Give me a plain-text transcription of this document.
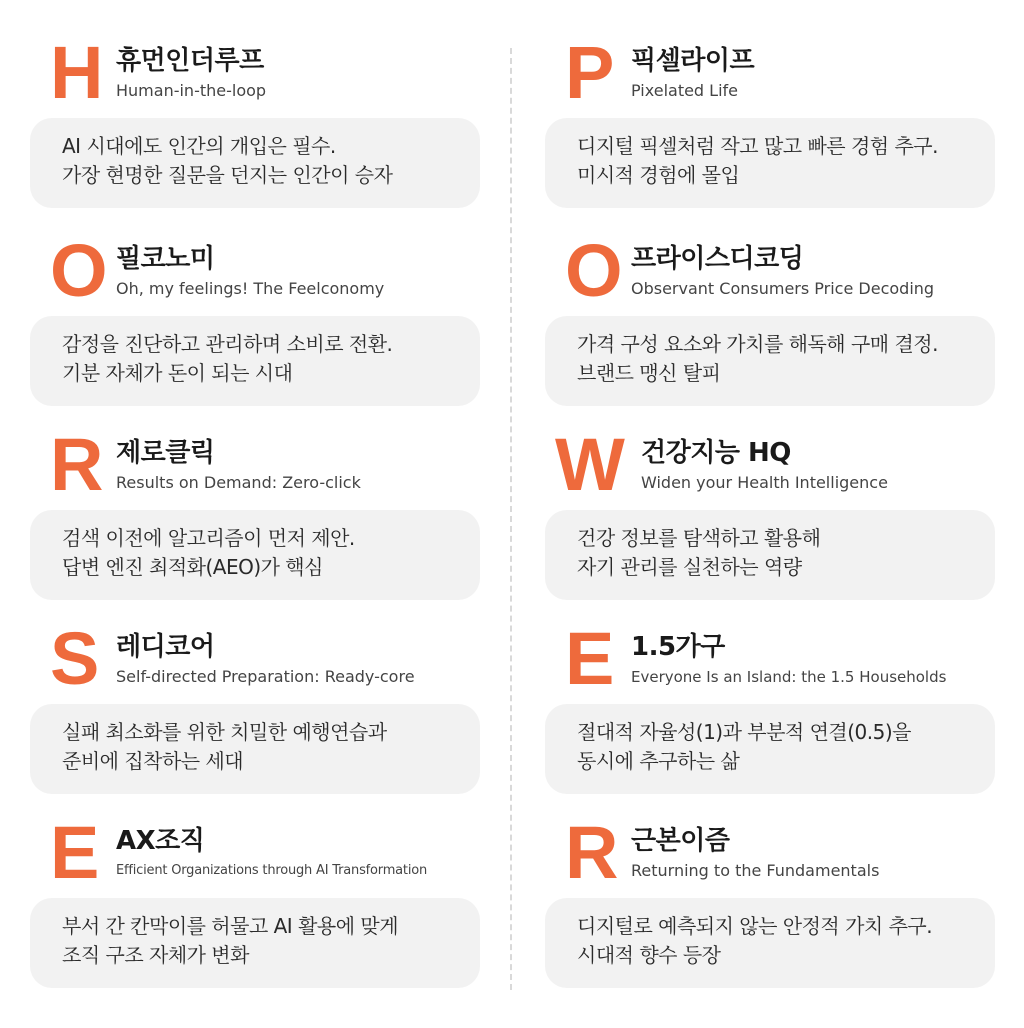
H 휴먼인더루프
Human-in-the-loop
AI 시대에도 인간의 개입은 필수.
가장 현명한 질문을 던지는 인간이 승자
O 필코노미
Oh, my feelings! The Feelconomy
감정을 진단하고 관리하며 소비로 전환.
기분 자체가 돈이 되는 시대
R 제로클릭
Results on Demand: Zero-click
검색 이전에 알고리즘이 먼저 제안.
답변 엔진 최적화(AEO)가 핵심
S 레디코어
Self-directed Preparation: Ready-core
실패 최소화를 위한 치밀한 예행연습과
준비에 집착하는 세대
E AX조직
Efficient Organizations through AI Transformation
부서 간 칸막이를 허물고 AI 활용에 맞게
조직 구조 자체가 변화
P 픽셀라이프
Pixelated Life
디지털 픽셀처럼 작고 많고 빠른 경험 추구.
미시적 경험에 몰입
O 프라이스디코딩
Observant Consumers Price Decoding
가격 구성 요소와 가치를 해독해 구매 결정.
브랜드 맹신 탈피
W 건강지능 HQ
Widen your Health Intelligence
건강 정보를 탐색하고 활용해
자기 관리를 실천하는 역량
E 1.5가구
Everyone Is an Island: the 1.5 Households
절대적 자율성(1)과 부분적 연결(0.5)을
동시에 추구하는 삶
R 근본이즘
Returning to the Fundamentals
디지털로 예측되지 않는 안정적 가치 추구.
시대적 향수 등장
